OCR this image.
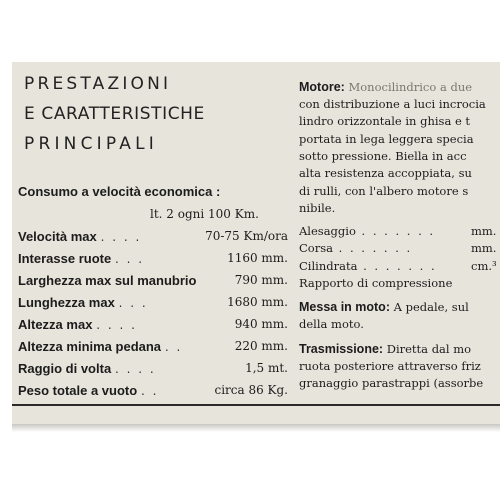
PRESTAZIONI
E CARATTERISTICHE
PRINCIPALI
Consumo a velocità economica :
lt. 2 ogni 100 Km.
Velocità max . . . .	70-75 Km/ora
Interasse ruote . . .	1160 mm.
Larghezza max sul manubrio	790 mm.
Lunghezza max . . .	1680 mm.
Altezza max . . . .	940 mm.
Altezza minima pedana . .	220 mm.
Raggio di volta . . . .	1,5 mt.
Peso totale a vuoto . .	circa 86 Kg.
Motore: Monocilindrico a due
con distribuzione a luci incrocia
lindro orizzontale in ghisa e t
portata in lega leggera specia
sotto pressione. Biella in acc
alta resistenza accoppiata, su
di rulli, con l'albero motore s
nibile.
Alesaggio . . . . . . .	mm.
Corsa . . . . . . .	mm.
Cilindrata . . . . . . .	cm.³
Rapporto di compressione
Messa in moto: A pedale, sul
della moto.
Trasmissione: Diretta dal mo
ruota posteriore attraverso friz
granaggio parastrappi (assorbe
